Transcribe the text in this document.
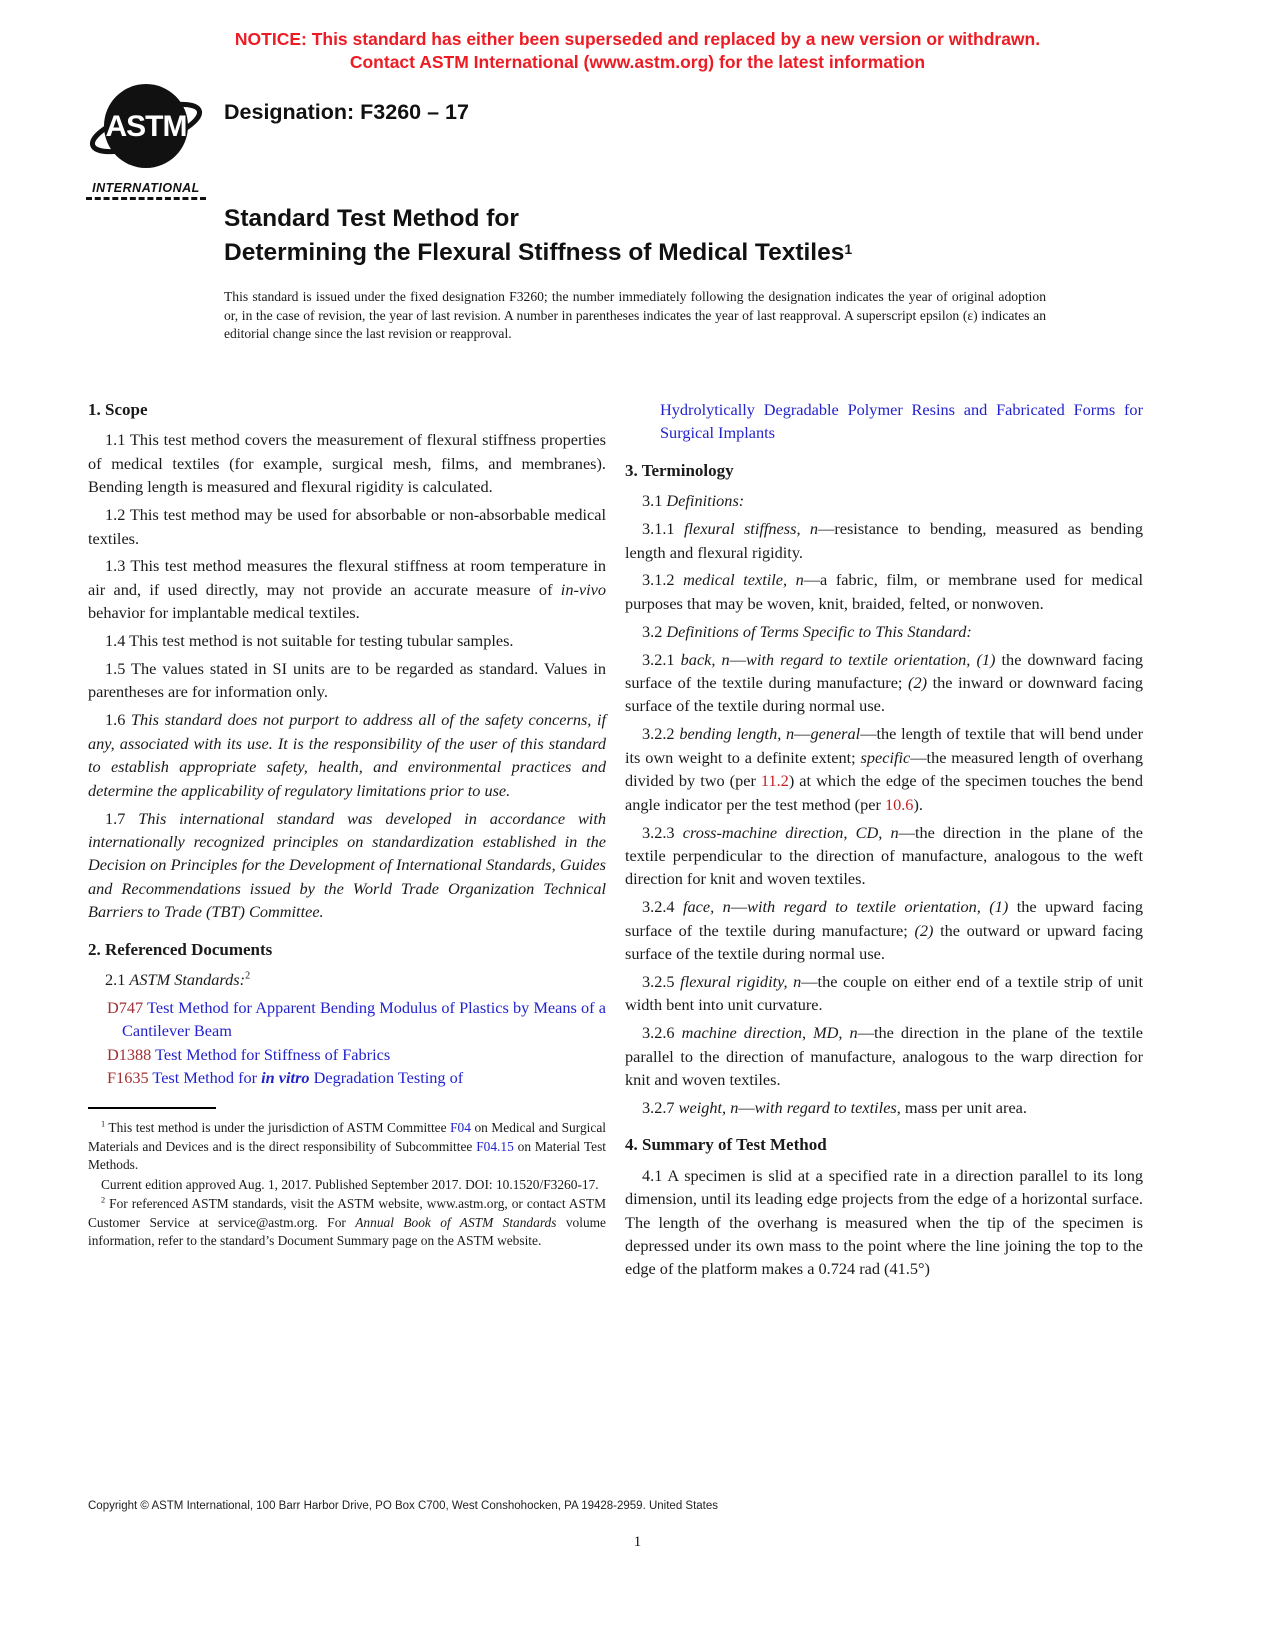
NOTICE: This standard has either been superseded and replaced by a new version or withdrawn.
Contact ASTM International (www.astm.org) for the latest information
ASTM
INTERNATIONAL
Designation: F3260 – 17
Standard Test Method for
Determining the Flexural Stiffness of Medical Textiles$^1$
This standard is issued under the fixed designation F3260; the number immediately following the designation indicates the year of original adoption or, in the case of revision, the year of last revision. A number in parentheses indicates the year of last reapproval. A superscript epsilon (ε) indicates an editorial change since the last revision or reapproval.
1. Scope
1.1 This test method covers the measurement of flexural stiffness properties of medical textiles (for example, surgical mesh, films, and membranes). Bending length is measured and flexural rigidity is calculated.
1.2 This test method may be used for absorbable or non-absorbable medical textiles.
1.3 This test method measures the flexural stiffness at room temperature in air and, if used directly, may not provide an accurate measure of in-vivo behavior for implantable medical textiles.
1.4 This test method is not suitable for testing tubular samples.
1.5 The values stated in SI units are to be regarded as standard. Values in parentheses are for information only.
1.6 This standard does not purport to address all of the safety concerns, if any, associated with its use. It is the responsibility of the user of this standard to establish appropriate safety, health, and environmental practices and determine the applicability of regulatory limitations prior to use.
1.7 This international standard was developed in accordance with internationally recognized principles on standardization established in the Decision on Principles for the Development of International Standards, Guides and Recommendations issued by the World Trade Organization Technical Barriers to Trade (TBT) Committee.
2. Referenced Documents
2.1 ASTM Standards:$^2$
D747 Test Method for Apparent Bending Modulus of Plastics by Means of a Cantilever Beam
D1388 Test Method for Stiffness of Fabrics
F1635 Test Method for in vitro Degradation Testing of
$^1$ This test method is under the jurisdiction of ASTM Committee F04 on Medical and Surgical Materials and Devices and is the direct responsibility of Subcommittee F04.15 on Material Test Methods.
Current edition approved Aug. 1, 2017. Published September 2017. DOI: 10.1520/F3260-17.
$^2$ For referenced ASTM standards, visit the ASTM website, www.astm.org, or contact ASTM Customer Service at service@astm.org. For Annual Book of ASTM Standards volume information, refer to the standard’s Document Summary page on the ASTM website.
Hydrolytically Degradable Polymer Resins and Fabricated Forms for Surgical Implants
3. Terminology
3.1 Definitions:
3.1.1 flexural stiffness, n—resistance to bending, measured as bending length and flexural rigidity.
3.1.2 medical textile, n—a fabric, film, or membrane used for medical purposes that may be woven, knit, braided, felted, or nonwoven.
3.2 Definitions of Terms Specific to This Standard:
3.2.1 back, n—with regard to textile orientation, (1) the downward facing surface of the textile during manufacture; (2) the inward or downward facing surface of the textile during normal use.
3.2.2 bending length, n—general—the length of textile that will bend under its own weight to a definite extent; specific—the measured length of overhang divided by two (per 11.2) at which the edge of the specimen touches the bend angle indicator per the test method (per 10.6).
3.2.3 cross-machine direction, CD, n—the direction in the plane of the textile perpendicular to the direction of manufacture, analogous to the weft direction for knit and woven textiles.
3.2.4 face, n—with regard to textile orientation, (1) the upward facing surface of the textile during manufacture; (2) the outward or upward facing surface of the textile during normal use.
3.2.5 flexural rigidity, n—the couple on either end of a textile strip of unit width bent into unit curvature.
3.2.6 machine direction, MD, n—the direction in the plane of the textile parallel to the direction of manufacture, analogous to the warp direction for knit and woven textiles.
3.2.7 weight, n—with regard to textiles, mass per unit area.
4. Summary of Test Method
4.1 A specimen is slid at a specified rate in a direction parallel to its long dimension, until its leading edge projects from the edge of a horizontal surface. The length of the overhang is measured when the tip of the specimen is depressed under its own mass to the point where the line joining the top to the edge of the platform makes a 0.724 rad (41.5°)
Copyright © ASTM International, 100 Barr Harbor Drive, PO Box C700, West Conshohocken, PA 19428-2959. United States
1
